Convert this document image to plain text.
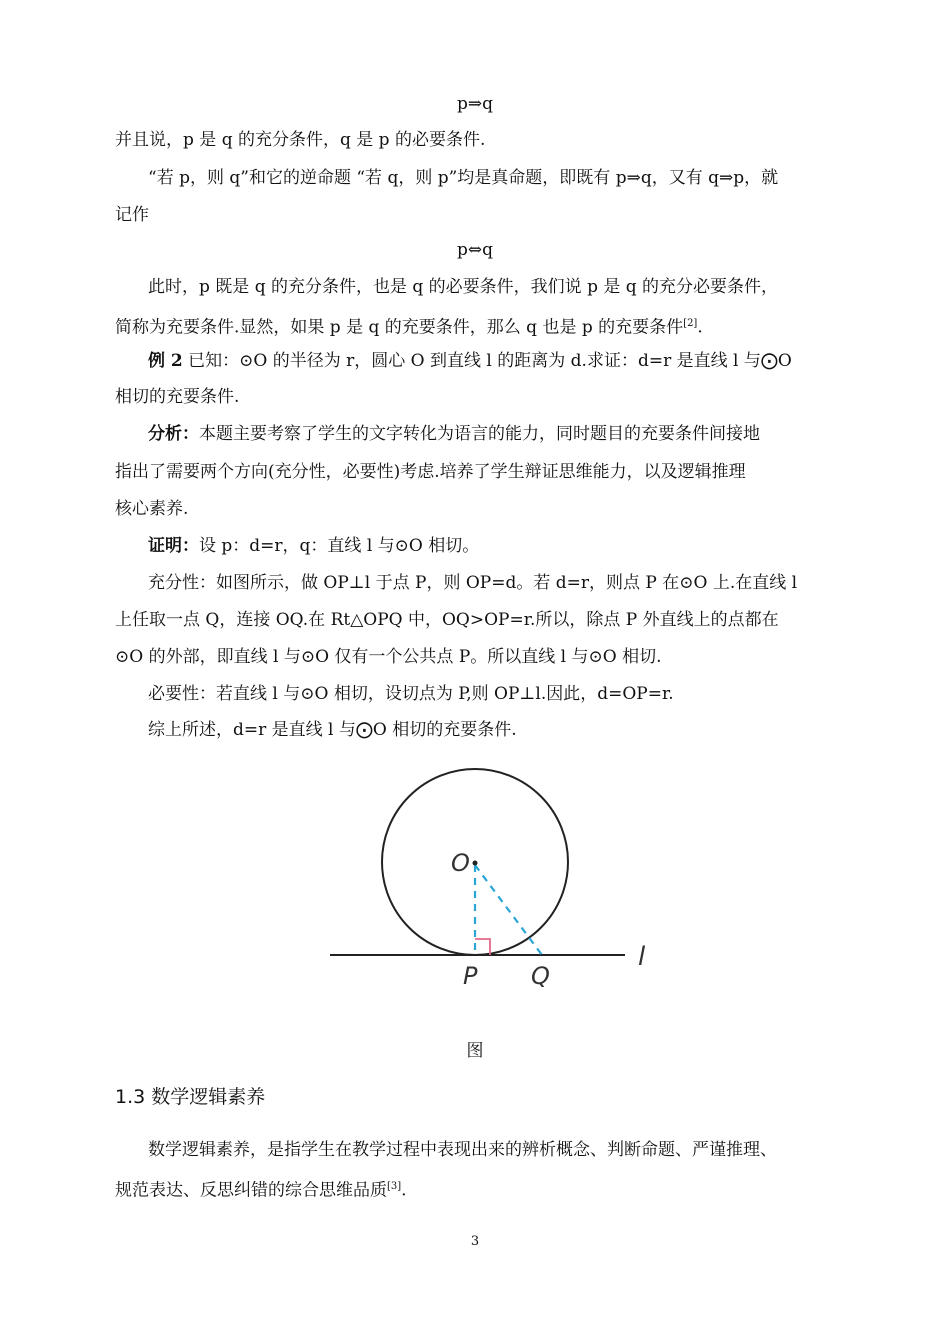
p⇒q
并且说，p 是 q 的充分条件，q 是 p 的必要条件.
“若 p，则 q”和它的逆命题 “若 q，则 p”均是真命题，即既有 p⇒q，又有 q⇒p，就
记作
p⇔q
此时，p 既是 q 的充分条件，也是 q 的必要条件，我们说 p 是 q 的充分必要条件，
简称为充要条件.显然，如果 p 是 q 的充要条件，那么 q 也是 p 的充要条件[2].
例 2 已知：⊙O 的半径为 r，圆心 O 到直线 l 的距离为 d.求证：d=r 是直线 l 与⨀O
相切的充要条件.
分析：本题主要考察了学生的文字转化为语言的能力，同时题目的充要条件间接地
指出了需要两个方向(充分性，必要性)考虑.培养了学生辩证思维能力，以及逻辑推理
核心素养.
证明：设 p：d=r，q：直线 l 与⊙O 相切。
充分性：如图所示，做 OP⊥l 于点 P，则 OP=d。若 d=r，则点 P 在⊙O 上.在直线 l
上任取一点 Q，连接 OQ.在 Rt△OPQ 中，OQ>OP=r.所以，除点 P 外直线上的点都在
⊙O 的外部，即直线 l 与⊙O 仅有一个公共点 P。所以直线 l 与⊙O 相切.
必要性：若直线 l 与⊙O 相切，设切点为 P,则 OP⊥l.因此，d=OP=r.
综上所述，d=r 是直线 l 与⨀O 相切的充要条件.
O
P Q
l
图
1.3 数学逻辑素养
数学逻辑素养，是指学生在教学过程中表现出来的辨析概念、判断命题、严谨推理、
规范表达、反思纠错的综合思维品质[3].
3
